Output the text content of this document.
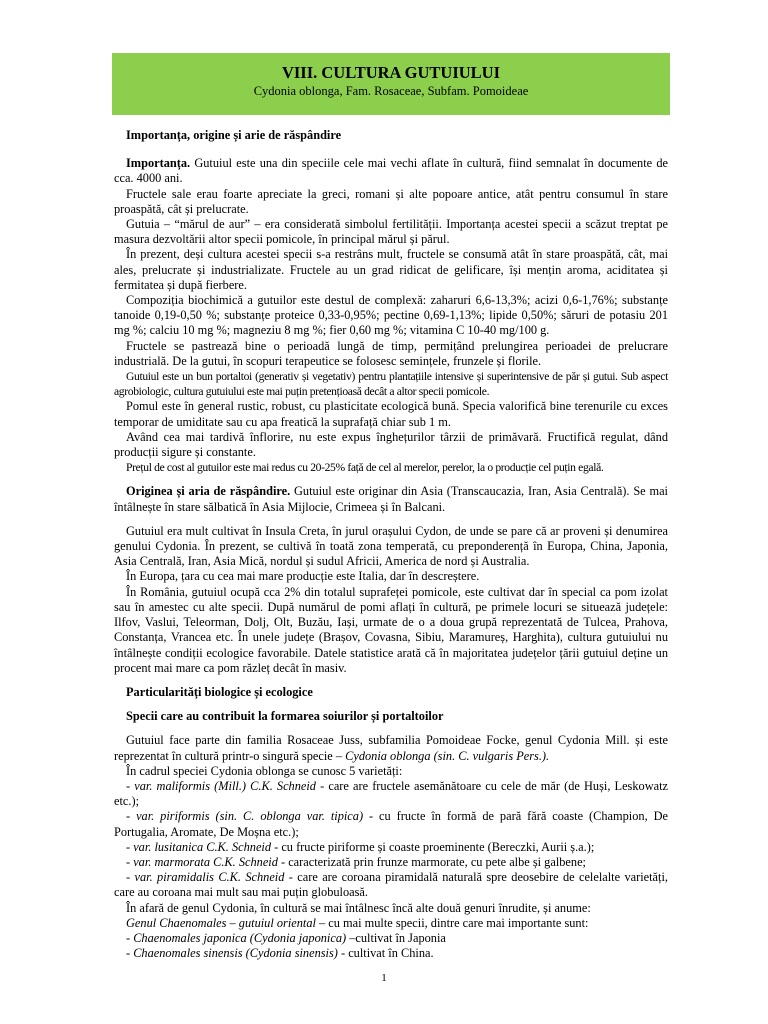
VIII. CULTURA GUTUIULUI
Cydonia oblonga, Fam. Rosaceae, Subfam. Pomoideae

Importanța, origine și arie de răspândire

Importanța. Gutuiul este una din speciile cele mai vechi aflate în cultură, fiind semnalat în documente de cca. 4000 ani.

Fructele sale erau foarte apreciate la greci, romani și alte popoare antice, atât pentru consumul în stare proaspătă, cât și prelucrate.

Gutuia – “mărul de aur” – era considerată simbolul fertilității. Importanța acestei specii a scăzut treptat pe masura dezvoltării altor specii pomicole, în principal mărul și părul.

În prezent, deși cultura acestei specii s-a restrâns mult, fructele se consumă atât în stare proaspătă, cât, mai ales, prelucrate și industrializate. Fructele au un grad ridicat de gelificare, își mențin aroma, aciditatea și fermitatea și după fierbere.

Compoziția biochimică a gutuilor este destul de complexă: zaharuri 6,6-13,3%; acizi 0,6-1,76%; substanțe tanoide 0,19-0,50 %; substanțe proteice 0,33-0,95%; pectine 0,69-1,13%; lipide 0,50%; săruri de potasiu 201 mg %; calciu 10 mg %; magneziu 8 mg %; fier 0,60 mg %; vitamina C 10-40 mg/100 g.

Fructele se pastrează bine o perioadă lungă de timp, permițând prelungirea perioadei de prelucrare industrială. De la gutui, în scopuri terapeutice se folosesc semințele, frunzele și florile.

Gutuiul este un bun portaltoi (generativ și vegetativ) pentru plantațiile intensive și superintensive de păr și gutui. Sub aspect agrobiologic, cultura gutuiului este mai puțin pretențioasă decât a altor specii pomicole.

Pomul este în general rustic, robust, cu plasticitate ecologică bună. Specia valorifică bine terenurile cu exces temporar de umiditate sau cu apa freatică la suprafață chiar sub 1 m.

Având cea mai tardivă înflorire, nu este expus înghețurilor târzii de primăvară. Fructifică regulat, dând producții sigure și constante.

Prețul de cost al gutuilor este mai redus cu 20-25% față de cel al merelor, perelor, la o producție cel puțin egală.

Originea și aria de răspândire. Gutuiul este originar din Asia (Transcaucazia, Iran, Asia Centrală). Se mai întâlnește în stare sălbatică în Asia Mijlocie, Crimeea și în Balcani.

Gutuiul era mult cultivat în Insula Creta, în jurul orașului Cydon, de unde se pare că ar proveni și denumirea genului Cydonia. În prezent, se cultivă în toată zona temperată, cu preponderență în Europa, China, Japonia, Asia Centrală, Iran, Asia Mică, nordul și sudul Africii, America de nord și Australia.

În Europa, țara cu cea mai mare producție este Italia, dar în descreștere.

În România, gutuiul ocupă cca 2% din totalul suprafeței pomicole, este cultivat dar în special ca pom izolat sau în amestec cu alte specii. După numărul de pomi aflați în cultură, pe primele locuri se situează județele: Ilfov, Vaslui, Teleorman, Dolj, Olt, Buzău, Iași, urmate de o a doua grupă reprezentată de Tulcea, Prahova, Constanța, Vrancea etc. În unele județe (Brașov, Covasna, Sibiu, Maramureș, Harghita), cultura gutuiului nu întâlnește condiții ecologice favorabile. Datele statistice arată că în majoritatea județelor țării gutuiul deține un procent mai mare ca pom răzleț decât în masiv.

Particularități biologice și ecologice

Specii care au contribuit la formarea soiurilor și portaltoilor

Gutuiul face parte din familia Rosaceae Juss, subfamilia Pomoideae Focke, genul Cydonia Mill. și este reprezentat în cultură printr-o singură specie – Cydonia oblonga (sin. C. vulgaris Pers.).

În cadrul speciei Cydonia oblonga se cunosc 5 varietăți:

- var. maliformis (Mill.) C.K. Schneid - care are fructele asemănătoare cu cele de măr (de Huși, Leskowatz etc.);

- var. piriformis (sin. C. oblonga var. tipica) - cu fructe în formă de pară fără coaste (Champion, De Portugalia, Aromate, De Moșna etc.);

- var. lusitanica C.K. Schneid - cu fructe piriforme și coaste proeminente (Bereczki, Aurii ș.a.);

- var. marmorata C.K. Schneid - caracterizată prin frunze marmorate, cu pete albe și galbene;

- var. piramidalis C.K. Schneid - care are coroana piramidală naturală spre deosebire de celelalte varietăți, care au coroana mai mult sau mai puțin globuloasă.

În afară de genul Cydonia, în cultură se mai întâlnesc încă alte două genuri înrudite, și anume:

Genul Chaenomales – gutuiul oriental – cu mai multe specii, dintre care mai importante sunt:

- Chaenomales japonica (Cydonia japonica) –cultivat în Japonia

- Chaenomales sinensis (Cydonia sinensis) - cultivat în China.

1
